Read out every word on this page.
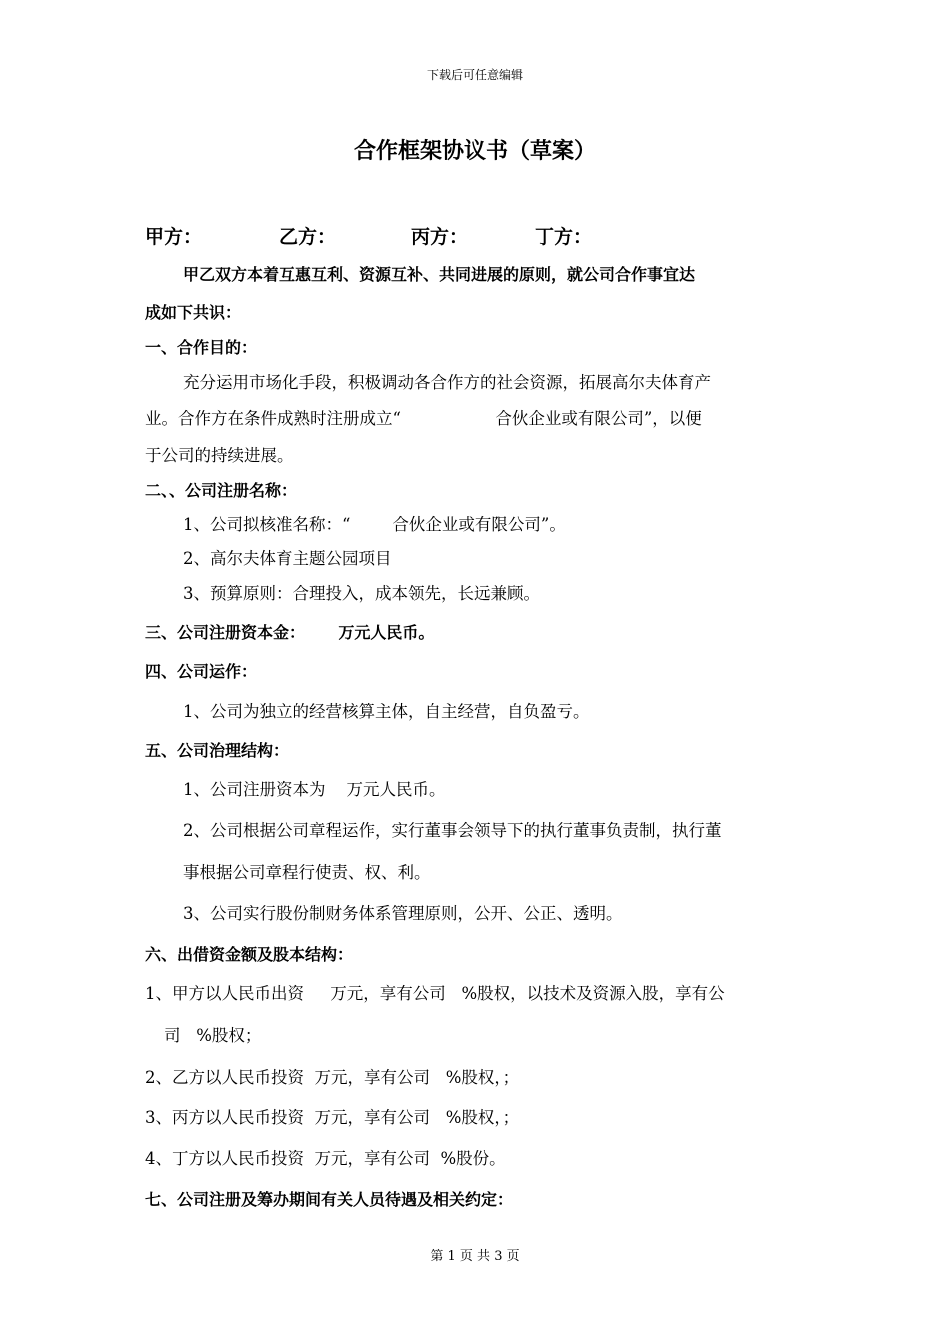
下载后可任意编辑
合作框架协议书（草案）

甲方：

	乙方：

	丙方：

	丁方：

甲乙双方本着互惠互利、资源互补、共同进展的原则，就公司合作事宜达
成如下共识：
一、合作目的：
充分运用市场化手段，积极调动各合作方的社会资源，拓展高尔夫体育产
业。合作方在条件成熟时注册成立“                  合伙企业或有限公司”，以便
于公司的持续进展。
二、、公司注册名称：
1、公司拟核准名称：“        合伙企业或有限公司”。
2、高尔夫体育主题公园项目
3、预算原则：合理投入，成本领先，长远兼顾。
三、公司注册资本金：      万元人民币。
四、公司运作：
1、公司为独立的经营核算主体，自主经营，自负盈亏。
五、公司治理结构：
1、公司注册资本为    万元人民币。
2、公司根据公司章程运作，实行董事会领导下的执行董事负责制，执行董
事根据公司章程行使责、权、利。
3、公司实行股份制财务体系管理原则，公开、公正、透明。
六、出借资金额及股本结构：
1、甲方以人民币出资     万元，享有公司   %股权，以技术及资源入股，享有公
司   %股权；
2、乙方以人民币投资  万元，享有公司   %股权，；
3、丙方以人民币投资  万元，享有公司   %股权，；
4、丁方以人民币投资  万元，享有公司  %股份。
七、公司注册及筹办期间有关人员待遇及相关约定：
第 1 页 共 3 页
